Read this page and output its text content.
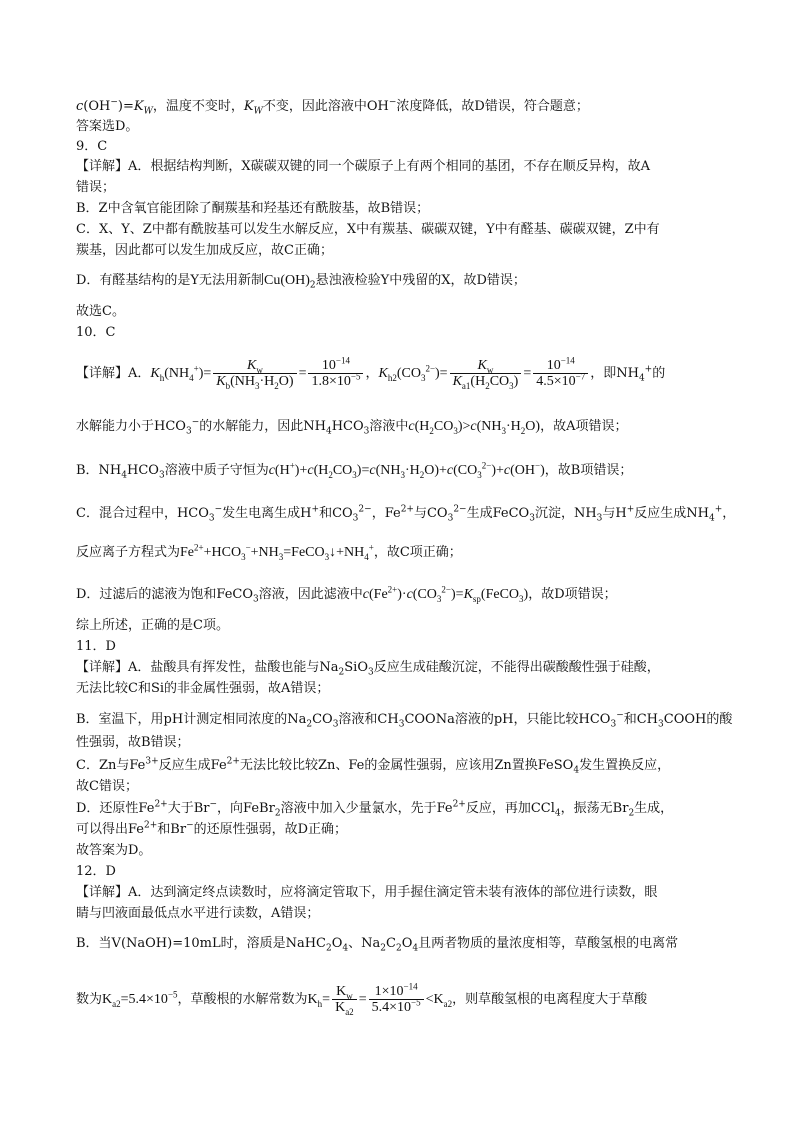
$c(OH^-)=K_W$，温度不变时，$K_W$不变，因此溶液中OH−浓度降低，故D错误，符合题意；
答案选D。
9．C
【详解】A．根据结构判断，X碳碳双键的同一个碳原子上有两个相同的基团，不存在顺反异构，故A
错误；
B．Z中含氧官能团除了酮羰基和羟基还有酰胺基，故B错误；
C．X、Y、Z中都有酰胺基可以发生水解反应，X中有羰基、碳碳双键，Y中有醛基、碳碳双键，Z中有
羰基，因此都可以发生加成反应，故C正确；
D．有醛基结构的是Y无法用新制$Cu(OH)_2$悬浊液检验Y中残留的X，故D错误；
故选C。
10．C
【详解】A．$K_h(NH_4^+)= \frac{K_w}{K_b(NH_3\cdot H_2O)} = \frac{10^{-14}}{1.8\times 10^{-5}}$ ，$K_{h2}(CO_3^{2-})= \frac{K_w}{K_{a1}(H_2CO_3)} = \frac{10^{-14}}{4.5\times 10^{-7}}$ ，即$NH_4^+$的
水解能力小于$HCO_3^-$的水解能力，因此$NH_4HCO_3$溶液中$c(H_2CO_3)>c(NH_3\cdot H_2O)$，故A项错误；
B．$NH_4HCO_3$溶液中质子守恒为$c(H^+)+c(H_2CO_3)=c(NH_3\cdot H_2O)+c(CO_3^{2-})+c(OH^-)$，故B项错误；
C．混合过程中，$HCO_3^-$发生电离生成H+和$CO_3^{2-}$，$Fe^{2+}$与$CO_3^{2-}$生成FeCO$_3$沉淀，$NH_3$与H+反应生成$NH_4^+$，
反应离子方程式为$Fe^{2+}+HCO_3^-+NH_3=FeCO_3↓+NH_4^+$，故C项正确；
D．过滤后的滤液为饱和FeCO$_3$溶液，因此滤液中$c(Fe^{2+})\cdot c(CO_3^{2-})=K_{sp}(FeCO_3)$，故D项错误；
综上所述，正确的是C项。
11．D
【详解】A．盐酸具有挥发性，盐酸也能与$Na_2SiO_3$反应生成硅酸沉淀，不能得出碳酸酸性强于硅酸，
无法比较C和Si的非金属性强弱，故A错误；
B．室温下，用pH计测定相同浓度的$Na_2CO_3$溶液和$CH_3COONa$溶液的pH，只能比较$HCO_3^-$和$CH_3COOH$的酸
性强弱，故B错误；
C．Zn与$Fe^{3+}$反应生成$Fe^{2+}$无法比较比较Zn、Fe的金属性强弱，应该用Zn置换FeSO$_4$发生置换反应，
故C错误；
D．还原性$Fe^{2+}$大于Br−，向FeBr$_2$溶液中加入少量氯水，先于$Fe^{2+}$反应，再加CCl$_4$，振荡无$Br_2$生成，
可以得出$Fe^{2+}$和Br−的还原性强弱，故D正确；
故答案为D。
12．D
【详解】A．达到滴定终点读数时，应将滴定管取下，用手握住滴定管未装有液体的部位进行读数，眼
睛与凹液面最低点水平进行读数，A错误；
B．当V(NaOH)=10mL时，溶质是$NaHC_2O_4$、$Na_2C_2O_4$且两者物质的量浓度相等，草酸氢根的电离常
数为$K_{a2}=5.4\times 10^{-5}$，草酸根的水解常数为$K_h= \frac{K_w}{K_{a2}} = \frac{1\times 10^{-14}}{5.4\times 10^{-5}} <K_{a2}$，则草酸氢根的电离程度大于草酸
